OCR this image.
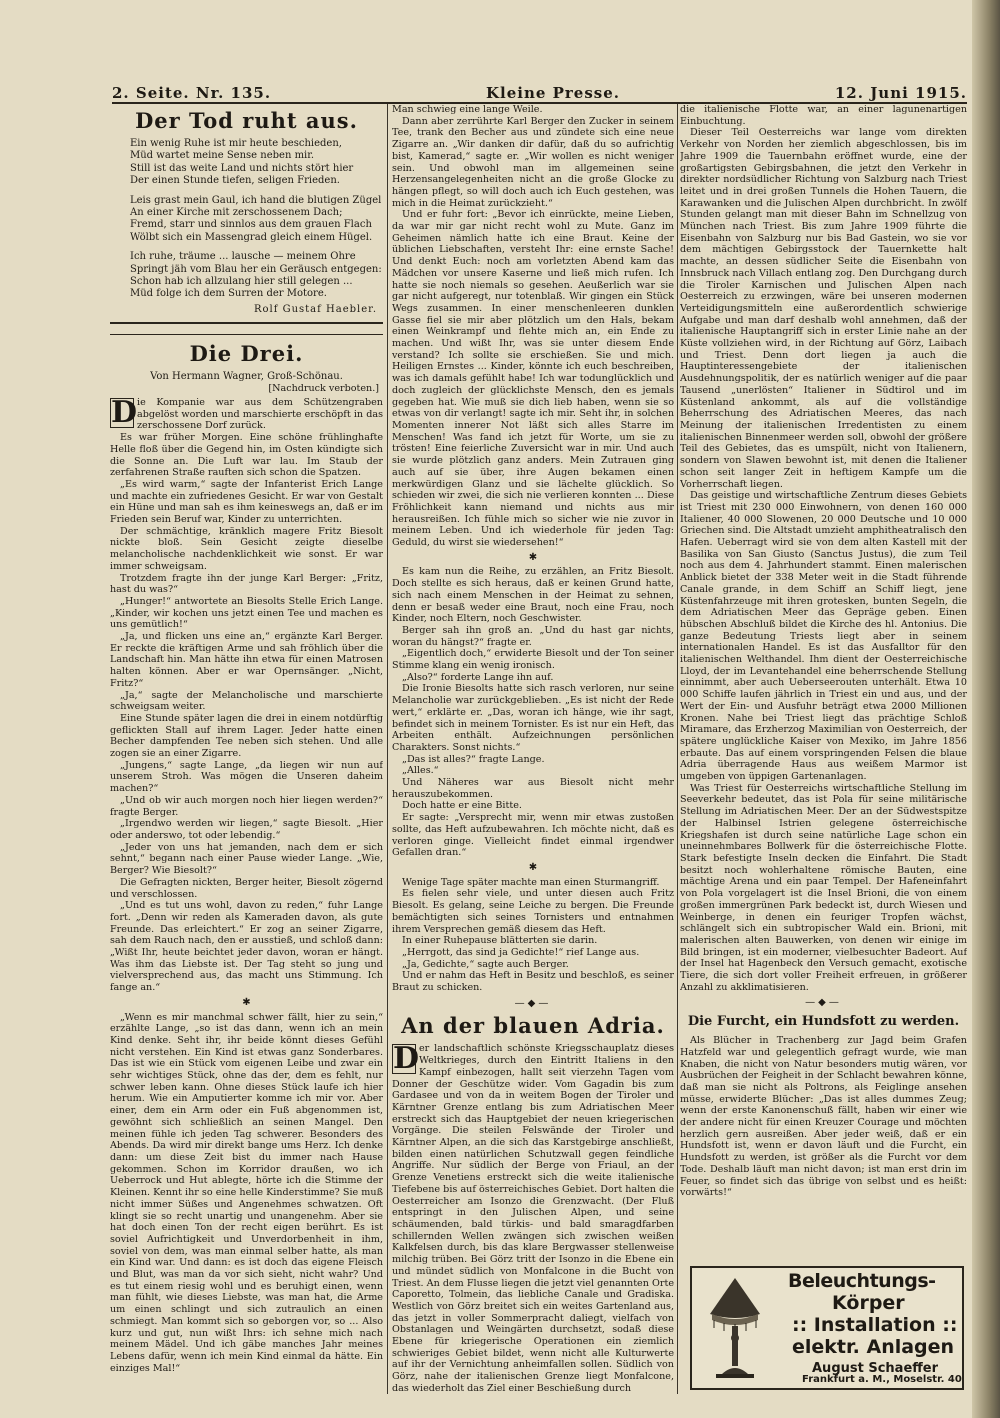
2. Seite. Nr. 135.	Kleine Presse.	12. Juni 1915.
Der Tod ruht aus.
Ein wenig Ruhe ist mir heute beschieden,
Müd wartet meine Sense neben mir.
Still ist das weite Land und nichts stört hier
Der einen Stunde tiefen, seligen Frieden.
Leis grast mein Gaul, ich hand die blutigen Zügel
An einer Kirche mit zerschossenem Dach;
Fremd, starr und sinnlos aus dem grauen Flach
Wölbt sich ein Massengrad gleich einem Hügel.
Ich ruhe, träume ... lausche — meinem Ohre
Springt jäh vom Blau her ein Geräusch entgegen:
Schon hab ich allzulang hier still gelegen ...
Müd folge ich dem Surren der Motore.
Rolf Gustaf Haebler.
Die Drei.
Von Hermann Wagner, Groß-Schönau.
[Nachdruck verboten.]
D ie Kompanie war aus dem Schützengraben abgelöst worden und marschierte erschöpft in das zerschossene Dorf zurück.

Es war früher Morgen. Eine schöne frühlinghafte Helle floß über die Gegend hin, im Osten kündigte sich die Sonne an. Die Luft war lau. Im Staub der zerfahrenen Straße rauften sich schon die Spatzen.

„Es wird warm,“ sagte der Infanterist Erich Lange und machte ein zufriedenes Gesicht. Er war von Gestalt ein Hüne und man sah es ihm keineswegs an, daß er im Frieden sein Beruf war, Kinder zu unterrichten.

Der schmächtige, kränklich magere Fritz Biesolt nickte bloß. Sein Gesicht zeigte dieselbe melancholische nachdenklichkeit wie sonst. Er war immer schweigsam.

Trotzdem fragte ihn der junge Karl Berger: „Fritz, hast du was?“

„Hunger!“ antwortete an Biesolts Stelle Erich Lange. „Kinder, wir kochen uns jetzt einen Tee und machen es uns gemütlich!“

„Ja, und flicken uns eine an,“ ergänzte Karl Berger. Er reckte die kräftigen Arme und sah fröhlich über die Landschaft hin. Man hätte ihn etwa für einen Matrosen halten können. Aber er war Opernsänger. „Nicht, Fritz?“

„Ja,“ sagte der Melancholische und marschierte schweigsam weiter.

Eine Stunde später lagen die drei in einem notdürftig geflickten Stall auf ihrem Lager. Jeder hatte einen Becher dampfenden Tee neben sich stehen. Und alle zogen sie an einer Zigarre.

„Jungens,“ sagte Lange, „da liegen wir nun auf unserem Stroh. Was mögen die Unseren daheim machen?“

„Und ob wir auch morgen noch hier liegen werden?“ fragte Berger.

„Irgendwo werden wir liegen,“ sagte Biesolt. „Hier oder anderswo, tot oder lebendig.“

„Jeder von uns hat jemanden, nach dem er sich sehnt,“ begann nach einer Pause wieder Lange. „Wie, Berger? Wie Biesolt?“

Die Gefragten nickten, Berger heiter, Biesolt zögernd und verschlossen.

„Und es tut uns wohl, davon zu reden,“ fuhr Lange fort. „Denn wir reden als Kameraden davon, als gute Freunde. Das erleichtert.“ Er zog an seiner Zigarre, sah dem Rauch nach, den er ausstieß, und schloß dann: „Wißt Ihr, heute beichtet jeder davon, woran er hängt. Was ihm das Liebste ist. Der Tag steht so jung und vielversprechend aus, das macht uns Stimmung. Ich fange an.“

✱

„Wenn es mir manchmal schwer fällt, hier zu sein,“ erzählte Lange, „so ist das dann, wenn ich an mein Kind denke. Seht ihr, ihr beide könnt dieses Gefühl nicht verstehen. Ein Kind ist etwas ganz Sonderbares. Das ist wie ein Stück vom eigenen Leibe und zwar ein sehr wichtiges Stück, ohne das der, dem es fehlt, nur schwer leben kann. Ohne dieses Stück laufe ich hier herum. Wie ein Amputierter komme ich mir vor. Aber einer, dem ein Arm oder ein Fuß abgenommen ist, gewöhnt sich schließlich an seinen Mangel. Den meinen fühle ich jeden Tag schwerer. Besonders des Abends. Da wird mir direkt bange ums Herz. Ich denke dann: um diese Zeit bist du immer nach Hause gekommen. Schon im Korridor draußen, wo ich Ueberrock und Hut ablegte, hörte ich die Stimme der Kleinen. Kennt ihr so eine helle Kinderstimme? Sie muß nicht immer Süßes und Angenehmes schwatzen. Oft klingt sie so recht unartig und unangenehm. Aber sie hat doch einen Ton der recht eigen berührt. Es ist soviel Aufrichtigkeit und Unverdorbenheit in ihm, soviel von dem, was man einmal selber hatte, als man ein Kind war. Und dann: es ist doch das eigene Fleisch und Blut, was man da vor sich sieht, nicht wahr? Und es tut einem riesig wohl und es beruhigt einen, wenn man fühlt, wie dieses Liebste, was man hat, die Arme um einen schlingt und sich zutraulich an einen schmiegt. Man kommt sich so geborgen vor, so ... Also kurz und gut, nun wißt Ihrs: ich sehne mich nach meinem Mädel. Und ich gäbe manches Jahr meines Lebens dafür, wenn ich mein Kind einmal da hätte. Ein einziges Mal!“

Man schwieg eine lange Weile.

Dann aber zerrührte Karl Berger den Zucker in seinem Tee, trank den Becher aus und zündete sich eine neue Zigarre an. „Wir danken dir dafür, daß du so aufrichtig bist, Kamerad,“ sagte er. „Wir wollen es nicht weniger sein. Und obwohl man im allgemeinen seine Herzensangelegenheiten nicht an die große Glocke zu hängen pflegt, so will doch auch ich Euch gestehen, was mich in die Heimat zurückzieht.“

Und er fuhr fort: „Bevor ich einrückte, meine Lieben, da war mir gar nicht recht wohl zu Mute. Ganz im Geheimen nämlich hatte ich eine Braut. Keine der üblichen Liebschaften, versteht Ihr: eine ernste Sache! Und denkt Euch: noch am vorletzten Abend kam das Mädchen vor unsere Kaserne und ließ mich rufen. Ich hatte sie noch niemals so gesehen. Aeußerlich war sie gar nicht aufgeregt, nur totenblaß. Wir gingen ein Stück Wegs zusammen. In einer menschenleeren dunklen Gasse fiel sie mir aber plötzlich um den Hals, bekam einen Weinkrampf und flehte mich an, ein Ende zu machen. Und wißt Ihr, was sie unter diesem Ende verstand? Ich sollte sie erschießen. Sie und mich. Heiligen Ernstes ... Kinder, könnte ich euch beschreiben, was ich damals gefühlt habe! Ich war todunglücklich und doch zugleich der glücklichste Mensch, den es jemals gegeben hat. Wie muß sie dich lieb haben, wenn sie so etwas von dir verlangt! sagte ich mir. Seht ihr, in solchen Momenten innerer Not läßt sich alles Starre im Menschen! Was fand ich jetzt für Worte, um sie zu trösten! Eine feierliche Zuversicht war in mir. Und auch sie wurde plötzlich ganz anders. Mein Zutrauen ging auch auf sie über, ihre Augen bekamen einen merkwürdigen Glanz und sie lächelte glücklich. So schieden wir zwei, die sich nie verlieren konnten ... Diese Fröhlichkeit kann niemand und nichts aus mir herausreißen. Ich fühle mich so sicher wie nie zuvor in meinem Leben. Und ich wiederhole für jeden Tag: Geduld, du wirst sie wiedersehen!“

✱

Es kam nun die Reihe, zu erzählen, an Fritz Biesolt. Doch stellte es sich heraus, daß er keinen Grund hatte, sich nach einem Menschen in der Heimat zu sehnen, denn er besaß weder eine Braut, noch eine Frau, noch Kinder, noch Eltern, noch Geschwister.

Berger sah ihn groß an. „Und du hast gar nichts, woran du hängst?“ fragte er.

„Eigentlich doch,“ erwiderte Biesolt und der Ton seiner Stimme klang ein wenig ironisch.

„Also?“ forderte Lange ihn auf.

Die Ironie Biesolts hatte sich rasch verloren, nur seine Melancholie war zurückgeblieben. „Es ist nicht der Rede wert,“ erklärte er. „Das, woran ich hänge, wie ihr sagt, befindet sich in meinem Tornister. Es ist nur ein Heft, das Arbeiten enthält. Aufzeichnungen persönlichen Charakters. Sonst nichts.“

„Das ist alles?“ fragte Lange.

„Alles.“

Und Näheres war aus Biesolt nicht mehr herauszubekommen.

Doch hatte er eine Bitte.

Er sagte: „Versprecht mir, wenn mir etwas zustoßen sollte, das Heft aufzubewahren. Ich möchte nicht, daß es verloren ginge. Vielleicht findet einmal irgendwer Gefallen dran.“

✱

Wenige Tage später machte man einen Sturmangriff.

Es fielen sehr viele, und unter diesen auch Fritz Biesolt. Es gelang, seine Leiche zu bergen. Die Freunde bemächtigten sich seines Tornisters und entnahmen ihrem Versprechen gemäß diesem das Heft.

In einer Ruhepause blätterten sie darin.

„Herrgott, das sind ja Gedichte!“ rief Lange aus.

„Ja, Gedichte,“ sagte auch Berger.

Und er nahm das Heft in Besitz und beschloß, es seiner Braut zu schicken.

—◆—
An der blauen Adria.
D er landschaftlich schönste Kriegsschauplatz dieses Weltkrieges, durch den Eintritt Italiens in den Kampf einbezogen, hallt seit vierzehn Tagen vom Donner der Geschütze wider. Vom Gagadin bis zum Gardasee und von da in weitem Bogen der Tiroler und Kärntner Grenze entlang bis zum Adriatischen Meer erstreckt sich das Hauptgebiet der neuen kriegerischen Vorgänge. Die steilen Felswände der Tiroler und Kärntner Alpen, an die sich das Karstgebirge anschließt, bilden einen natürlichen Schutzwall gegen feindliche Angriffe. Nur südlich der Berge von Friaul, an der Grenze Venetiens erstreckt sich die weite italienische Tiefebene bis auf österreichisches Gebiet. Dort halten die Oesterreicher am Isonzo die Grenzwacht. (Der Fluß entspringt in den Julischen Alpen, und seine schäumenden, bald türkis- und bald smaragdfarben schillernden Wellen zwängen sich zwischen weißen Kalkfelsen durch, bis das klare Bergwasser stellenweise milchig trüben. Bei Görz tritt der Isonzo in die Ebene ein und mündet südlich von Monfalcone in die Bucht von Triest. An dem Flusse liegen die jetzt viel genannten Orte Caporetto, Tolmein, das liebliche Canale und Gradiska. Westlich von Görz breitet sich ein weites Gartenland aus, das jetzt in voller Sommerpracht daliegt, vielfach von Obstanlagen und Weingärten durchsetzt, sodaß diese Ebene für kriegerische Operationen ein ziemlich schwieriges Gebiet bildet, wenn nicht alle Kulturwerte auf ihr der Vernichtung anheimfallen sollen. Südlich von Görz, nahe der italienischen Grenze liegt Monfalcone, das wiederholt das Ziel einer Beschießung durch

die italienische Flotte war, an einer lagunenartigen Einbuchtung.

Dieser Teil Oesterreichs war lange vom direkten Verkehr von Norden her ziemlich abgeschlossen, bis im Jahre 1909 die Tauernbahn eröffnet wurde, eine der großartigsten Gebirgsbahnen, die jetzt den Verkehr in direkter nordsüdlicher Richtung von Salzburg nach Triest leitet und in drei großen Tunnels die Hohen Tauern, die Karawanken und die Julischen Alpen durchbricht. In zwölf Stunden gelangt man mit dieser Bahn im Schnellzug von München nach Triest. Bis zum Jahre 1909 führte die Eisenbahn von Salzburg nur bis Bad Gastein, wo sie vor dem mächtigen Gebirgsstock der Tauernkette halt machte, an dessen südlicher Seite die Eisenbahn von Innsbruck nach Villach entlang zog. Den Durchgang durch die Tiroler Karnischen und Julischen Alpen nach Oesterreich zu erzwingen, wäre bei unseren modernen Verteidigungsmitteln eine außerordentlich schwierige Aufgabe und man darf deshalb wohl annehmen, daß der italienische Hauptangriff sich in erster Linie nahe an der Küste vollziehen wird, in der Richtung auf Görz, Laibach und Triest. Denn dort liegen ja auch die Hauptinteressengebiete der italienischen Ausdehnungspolitik, der es natürlich weniger auf die paar Tausend „unerlösten“ Italiener in Südtirol und im Küstenland ankommt, als auf die vollständige Beherrschung des Adriatischen Meeres, das nach Meinung der italienischen Irredentisten zu einem italienischen Binnenmeer werden soll, obwohl der größere Teil des Gebietes, das es umspült, nicht von Italienern, sondern von Slawen bewohnt ist, mit denen die Italiener schon seit langer Zeit in heftigem Kampfe um die Vorherrschaft liegen.

Das geistige und wirtschaftliche Zentrum dieses Gebiets ist Triest mit 230 000 Einwohnern, von denen 160 000 Italiener, 40 000 Slowenen, 20 000 Deutsche und 10 000 Griechen sind. Die Altstadt umzieht amphitheatralisch den Hafen. Ueberragt wird sie von dem alten Kastell mit der Basilika von San Giusto (Sanctus Justus), die zum Teil noch aus dem 4. Jahrhundert stammt. Einen malerischen Anblick bietet der 338 Meter weit in die Stadt führende Canale grande, in dem Schiff an Schiff liegt, jene Küstenfahrzeuge mit ihren grotesken, bunten Segeln, die dem Adriatischen Meer das Gepräge geben. Einen hübschen Abschluß bildet die Kirche des hl. Antonius. Die ganze Bedeutung Triests liegt aber in seinem internationalen Handel. Es ist das Ausfalltor für den italienischen Welthandel. Ihm dient der Oesterreichische Lloyd, der im Levantehandel eine beherrschende Stellung einnimmt, aber auch Ueberseerouten unterhält. Etwa 10 000 Schiffe laufen jährlich in Triest ein und aus, und der Wert der Ein- und Ausfuhr beträgt etwa 2000 Millionen Kronen. Nahe bei Triest liegt das prächtige Schloß Miramare, das Erzherzog Maximilian von Oesterreich, der spätere unglückliche Kaiser von Mexiko, im Jahre 1856 erbaute. Das auf einem vorspringenden Felsen die blaue Adria überragende Haus aus weißem Marmor ist umgeben von üppigen Gartenanlagen.

Was Triest für Oesterreichs wirtschaftliche Stellung im Seeverkehr bedeutet, das ist Pola für seine militärische Stellung im Adriatischen Meer. Der an der Südwestspitze der Halbinsel Istrien gelegene österreichische Kriegshafen ist durch seine natürliche Lage schon ein uneinnehmbares Bollwerk für die österreichische Flotte. Stark befestigte Inseln decken die Einfahrt. Die Stadt besitzt noch wohlerhaltene römische Bauten, eine mächtige Arena und ein paar Tempel. Der Hafeneinfahrt von Pola vorgelagert ist die Insel Brioni, die von einem großen immergrünen Park bedeckt ist, durch Wiesen und Weinberge, in denen ein feuriger Tropfen wächst, schlängelt sich ein subtropischer Wald ein. Brioni, mit malerischen alten Bauwerken, von denen wir einige im Bild bringen, ist ein moderner, vielbesuchter Badeort. Auf der Insel hat Hagenbeck den Versuch gemacht, exotische Tiere, die sich dort voller Freiheit erfreuen, in größerer Anzahl zu akklimatisieren.

—◆—
Die Furcht, ein Hundsfott zu werden.

Als Blücher in Trachenberg zur Jagd beim Grafen Hatzfeld war und gelegentlich gefragt wurde, wie man Knaben, die nicht von Natur besonders mutig wären, vor Ausbrüchen der Feigheit in der Schlacht bewahren könne, daß man sie nicht als Poltrons, als Feiglinge ansehen müsse, erwiderte Blücher: „Das ist alles dummes Zeug; wenn der erste Kanonenschuß fällt, haben wir einer wie der andere nicht für einen Kreuzer Courage und möchten herzlich gern ausreißen. Aber jeder weiß, daß er ein Hundsfott ist, wenn er davon läuft und die Furcht, ein Hundsfott zu werden, ist größer als die Furcht vor dem Tode. Deshalb läuft man nicht davon; ist man erst drin im Feuer, so findet sich das übrige von selbst und es heißt: vorwärts!“

Beleuchtungs-
Körper
:: Installation ::
elektr. Anlagen
August Schaeffer
Frankfurt a. M., Moselstr. 40
